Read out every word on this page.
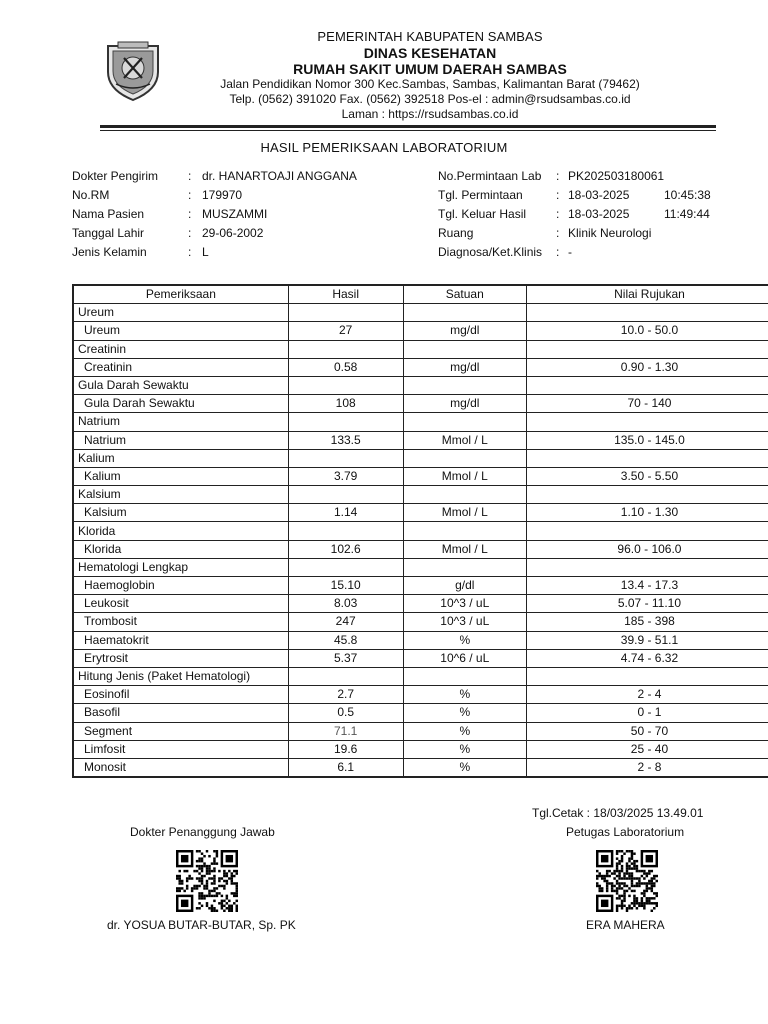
PEMERINTAH KABUPATEN SAMBAS
DINAS KESEHATAN
RUMAH SAKIT UMUM DAERAH SAMBAS
Jalan Pendidikan Nomor 300 Kec.Sambas, Sambas, Kalimantan Barat (79462)
Telp. (0562) 391020 Fax. (0562) 392518 Pos-el : admin@rsudsambas.co.id
Laman : https://rsudsambas.co.id
HASIL PEMERIKSAAN LABORATORIUM
Dokter Pengirim	: dr. HANARTOAJI ANGGANA
No.RM	: 179970
Nama Pasien	: MUSZAMMI
Tanggal Lahir	: 29-06-2002
Jenis Kelamin	: L
No.Permintaan Lab	: PK202503180061
Tgl. Permintaan	: 18-03-2025	10:45:38
Tgl. Keluar Hasil	: 18-03-2025	11:49:44
Ruang	: Klinik Neurologi
Diagnosa/Ket.Klinis	: -
Pemeriksaan	Hasil	Satuan	Nilai Rujukan
Ureum			
Ureum	27	mg/dl	10.0 - 50.0
Creatinin			
Creatinin	0.58	mg/dl	0.90 - 1.30
Gula Darah Sewaktu			
Gula Darah Sewaktu	108	mg/dl	70 - 140
Natrium			
Natrium	133.5	Mmol / L	135.0 - 145.0
Kalium			
Kalium	3.79	Mmol / L	3.50 - 5.50
Kalsium			
Kalsium	1.14	Mmol / L	1.10 - 1.30
Klorida			
Klorida	102.6	Mmol / L	96.0 - 106.0
Hematologi Lengkap			
Haemoglobin	15.10	g/dl	13.4 - 17.3
Leukosit	8.03	10^3 / uL	5.07 - 11.10
Trombosit	247	10^3 / uL	185 - 398
Haematokrit	45.8	%	39.9 - 51.1
Erytrosit	5.37	10^6 / uL	4.74 - 6.32
Hitung Jenis (Paket Hematologi)			
Eosinofil	2.7	%	2 - 4
Basofil	0.5	%	0 - 1
Segment	71.1	%	50 - 70
Limfosit	19.6	%	25 - 40
Monosit	6.1	%	2 - 8
Tgl.Cetak : 18/03/2025 13.49.01
Dokter Penanggung Jawab	Petugas Laboratorium
dr. YOSUA BUTAR-BUTAR, Sp. PK	ERA MAHERA
